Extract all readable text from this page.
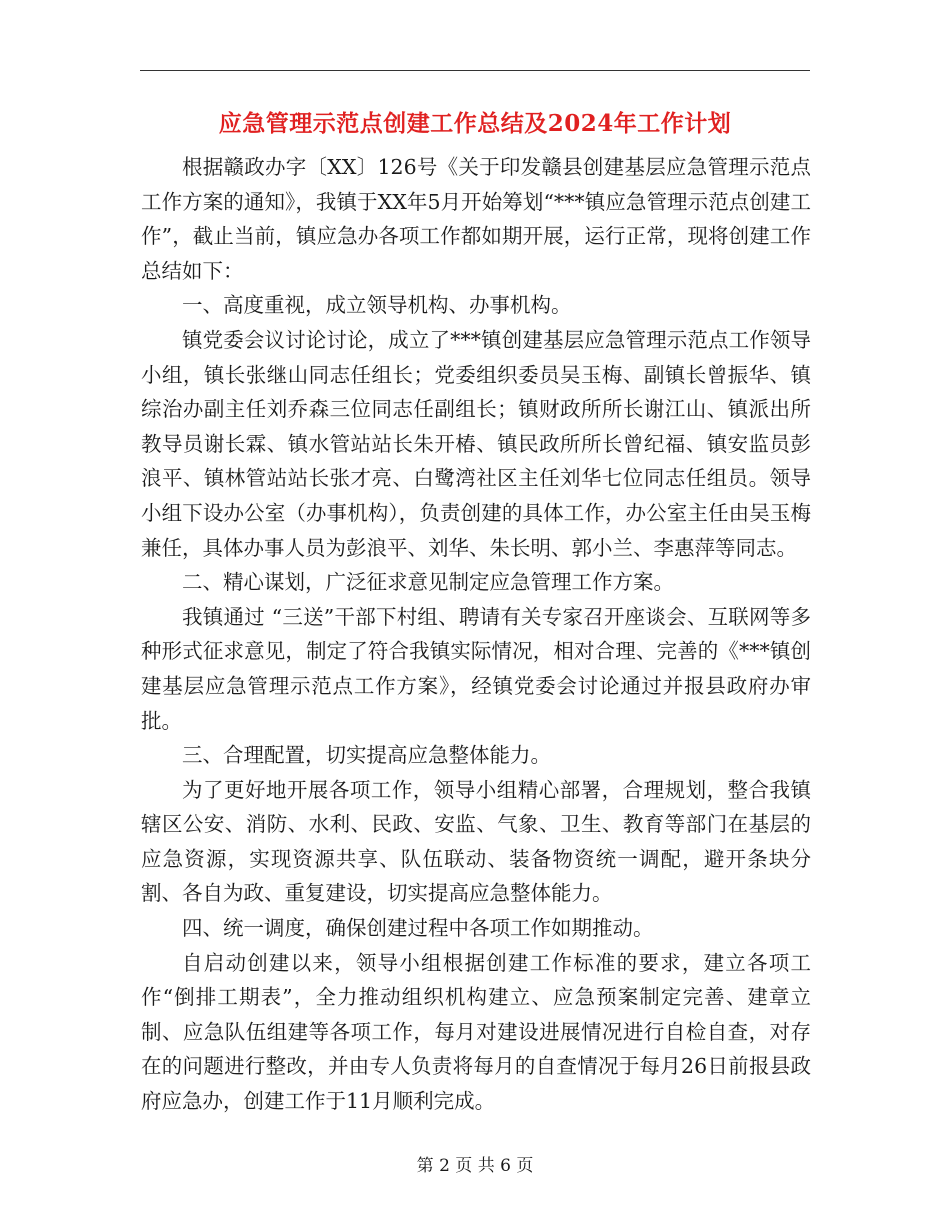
应急管理示范点创建工作总结及2024年工作计划

根据赣政办字〔XX〕126号《关于印发赣县创建基层应急管理示范点工作方案的通知》，我镇于XX年5月开始筹划“***镇应急管理示范点创建工作”，截止当前，镇应急办各项工作都如期开展，运行正常，现将创建工作总结如下：

一、高度重视，成立领导机构、办事机构。

镇党委会议讨论讨论，成立了***镇创建基层应急管理示范点工作领导小组，镇长张继山同志任组长；党委组织委员吴玉梅、副镇长曾振华、镇综治办副主任刘乔森三位同志任副组长；镇财政所所长谢江山、镇派出所教导员谢长霖、镇水管站站长朱开椿、镇民政所所长曾纪福、镇安监员彭浪平、镇林管站站长张才亮、白鹭湾社区主任刘华七位同志任组员。领导小组下设办公室（办事机构），负责创建的具体工作，办公室主任由吴玉梅兼任，具体办事人员为彭浪平、刘华、朱长明、郭小兰、李惠萍等同志。

二、精心谋划，广泛征求意见制定应急管理工作方案。

我镇通过 “三送”干部下村组、聘请有关专家召开座谈会、互联网等多种形式征求意见，制定了符合我镇实际情况，相对合理、完善的《***镇创建基层应急管理示范点工作方案》，经镇党委会讨论通过并报县政府办审批。

三、合理配置，切实提高应急整体能力。

为了更好地开展各项工作，领导小组精心部署，合理规划，整合我镇辖区公安、消防、水利、民政、安监、气象、卫生、教育等部门在基层的应急资源，实现资源共享、队伍联动、装备物资统一调配，避开条块分割、各自为政、重复建设，切实提高应急整体能力。

四、统一调度，确保创建过程中各项工作如期推动。

自启动创建以来，领导小组根据创建工作标准的要求，建立各项工作“倒排工期表”，全力推动组织机构建立、应急预案制定完善、建章立制、应急队伍组建等各项工作，每月对建设进展情况进行自检自查，对存在的问题进行整改，并由专人负责将每月的自查情况于每月26日前报县政府应急办，创建工作于11月顺利完成。

第 2 页 共 6 页
